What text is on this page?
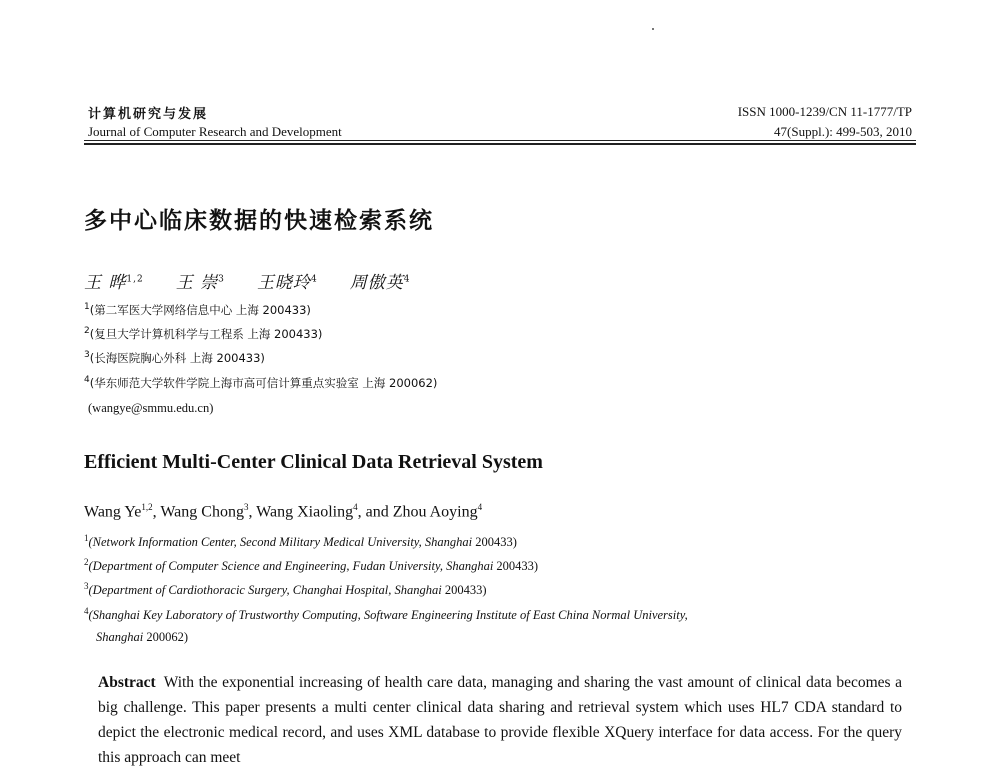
计算机研究与发展
Journal of Computer Research and Development
ISSN 1000-1239/CN 11-1777/TP
47(Suppl.): 499-503, 2010
多中心临床数据的快速检索系统
王 晔$^{1,2}$ 王 崇$^3$ 王晓玲$^4$ 周傲英$^4$
$^1$(第二军医大学网络信息中心 上海 200433)
$^2$(复旦大学计算机科学与工程系 上海 200433)
$^3$(长海医院胸心外科 上海 200433)
$^4$(华东师范大学软件学院上海市高可信计算重点实验室 上海 200062)
(wangye@smmu.edu.cn)
Efficient Multi-Center Clinical Data Retrieval System
Wang Ye$^{1,2}$, Wang Chong$^3$, Wang Xiaoling$^4$, and Zhou Aoying$^4$
$^1$(Network Information Center, Second Military Medical University, Shanghai 200433)
$^2$(Department of Computer Science and Engineering, Fudan University, Shanghai 200433)
$^3$(Department of Cardiothoracic Surgery, Changhai Hospital, Shanghai 200433)
$^4$(Shanghai Key Laboratory of Trustworthy Computing, Software Engineering Institute of East China Normal University,
Shanghai 200062)

Abstract With the exponential increasing of health care data, managing and sharing the vast amount of clinical data becomes a big challenge. This paper presents a multi center clinical data sharing and retrieval system which uses HL7 CDA standard to depict the electronic medical record, and uses XML database to provide flexible XQuery interface for data access. For the query this approach can meet
